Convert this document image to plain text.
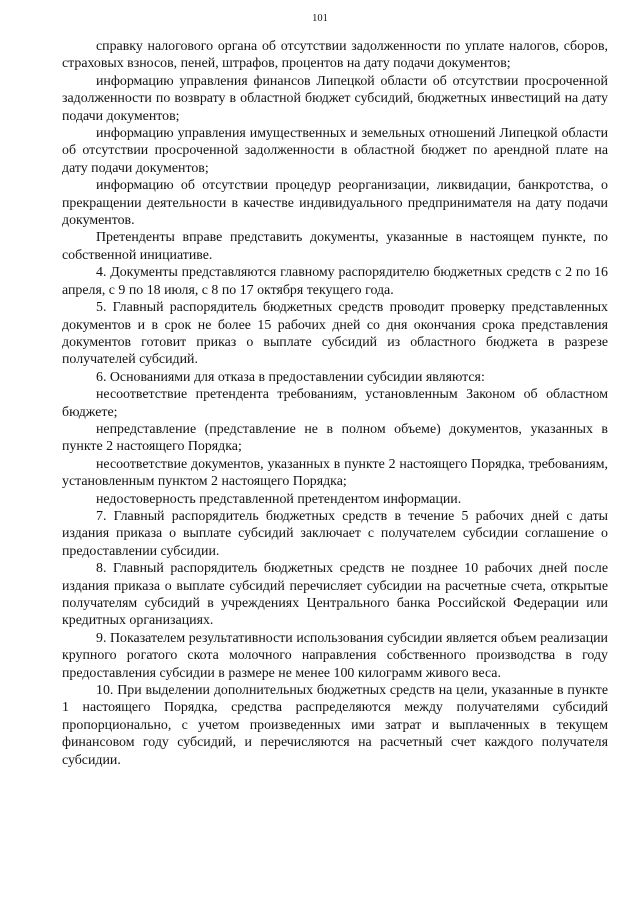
101

справку налогового органа об отсутствии задолженности по уплате налогов, сборов, страховых взносов, пеней, штрафов, процентов на дату подачи документов;

информацию управления финансов Липецкой области об отсутствии просроченной задолженности по возврату в областной бюджет субсидий, бюджетных инвестиций на дату подачи документов;

информацию управления имущественных и земельных отношений Липецкой области об отсутствии просроченной задолженности в областной бюджет по арендной плате на дату подачи документов;

информацию об отсутствии процедур реорганизации, ликвидации, банкротства, о прекращении деятельности в качестве индивидуального предпринимателя на дату подачи документов.

Претенденты вправе представить документы, указанные в настоящем пункте, по собственной инициативе.

4. Документы представляются главному распорядителю бюджетных средств с 2 по 16 апреля, с 9 по 18 июля, с 8 по 17 октября текущего года.

5. Главный распорядитель бюджетных средств проводит проверку представленных документов и в срок не более 15 рабочих дней со дня окончания срока представления документов готовит приказ о выплате субсидий из областного бюджета в разрезе получателей субсидий.

6. Основаниями для отказа в предоставлении субсидии являются:

несоответствие претендента требованиям, установленным Законом об областном бюджете;

непредставление (представление не в полном объеме) документов, указанных в пункте 2 настоящего Порядка;

несоответствие документов, указанных в пункте 2 настоящего Порядка, требованиям, установленным пунктом 2 настоящего Порядка;

недостоверность представленной претендентом информации.

7. Главный распорядитель бюджетных средств в течение 5 рабочих дней с даты издания приказа о выплате субсидий заключает с получателем субсидии соглашение о предоставлении субсидии.

8. Главный распорядитель бюджетных средств не позднее 10 рабочих дней после издания приказа о выплате субсидий перечисляет субсидии на расчетные счета, открытые получателям субсидий в учреждениях Центрального банка Российской Федерации или кредитных организациях.

9. Показателем результативности использования субсидии является объем реализации крупного рогатого скота молочного направления собственного производства в году предоставления субсидии в размере не менее 100 килограмм живого веса.

10. При выделении дополнительных бюджетных средств на цели, указанные в пункте 1 настоящего Порядка, средства распределяются между получателями субсидий пропорционально, с учетом произведенных ими затрат и выплаченных в текущем финансовом году субсидий, и перечисляются на расчетный счет каждого получателя субсидии.
